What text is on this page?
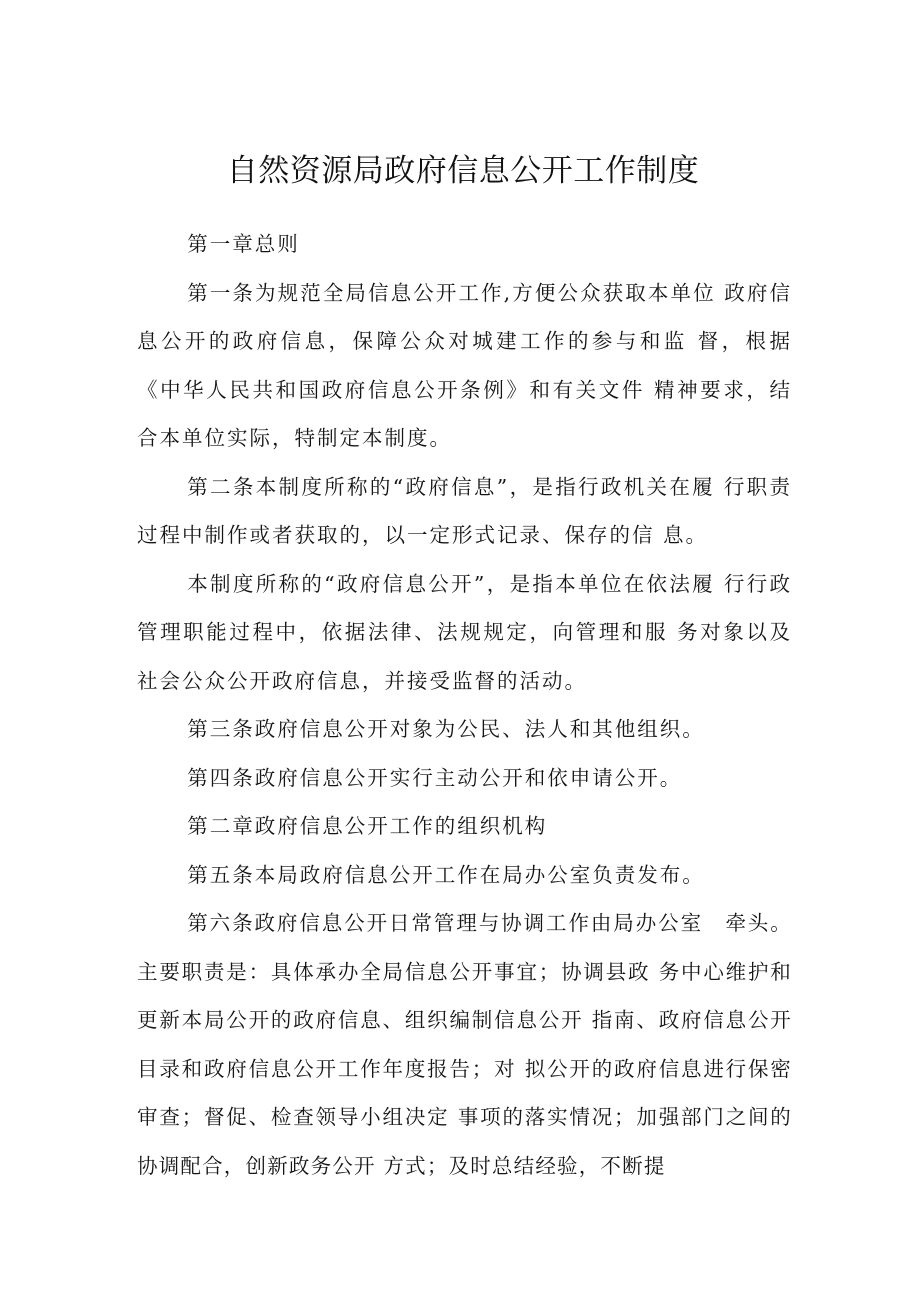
自然资源局政府信息公开工作制度

第一章总则

第一条为规范全局信息公开工作,方便公众获取本单位 政府信息公开的政府信息，保障公众对城建工作的参与和监 督，根据《中华人民共和国政府信息公开条例》和有关文件 精神要求，结合本单位实际，特制定本制度。

第二条本制度所称的“政府信息”，是指行政机关在履 行职责过程中制作或者获取的，以一定形式记录、保存的信 息。

本制度所称的“政府信息公开”，是指本单位在依法履 行行政管理职能过程中，依据法律、法规规定，向管理和服 务对象以及社会公众公开政府信息，并接受监督的活动。

第三条政府信息公开对象为公民、法人和其他组织。

第四条政府信息公开实行主动公开和依申请公开。

第二章政府信息公开工作的组织机构

第五条本局政府信息公开工作在局办公室负责发布。

第六条政府信息公开日常管理与协调工作由局办公室　牵头。主要职责是：具体承办全局信息公开事宜；协调县政 务中心维护和更新本局公开的政府信息、组织编制信息公开 指南、政府信息公开目录和政府信息公开工作年度报告；对 拟公开的政府信息进行保密审查；督促、检查领导小组决定 事项的落实情况；加强部门之间的协调配合，创新政务公开 方式；及时总结经验，不断提
